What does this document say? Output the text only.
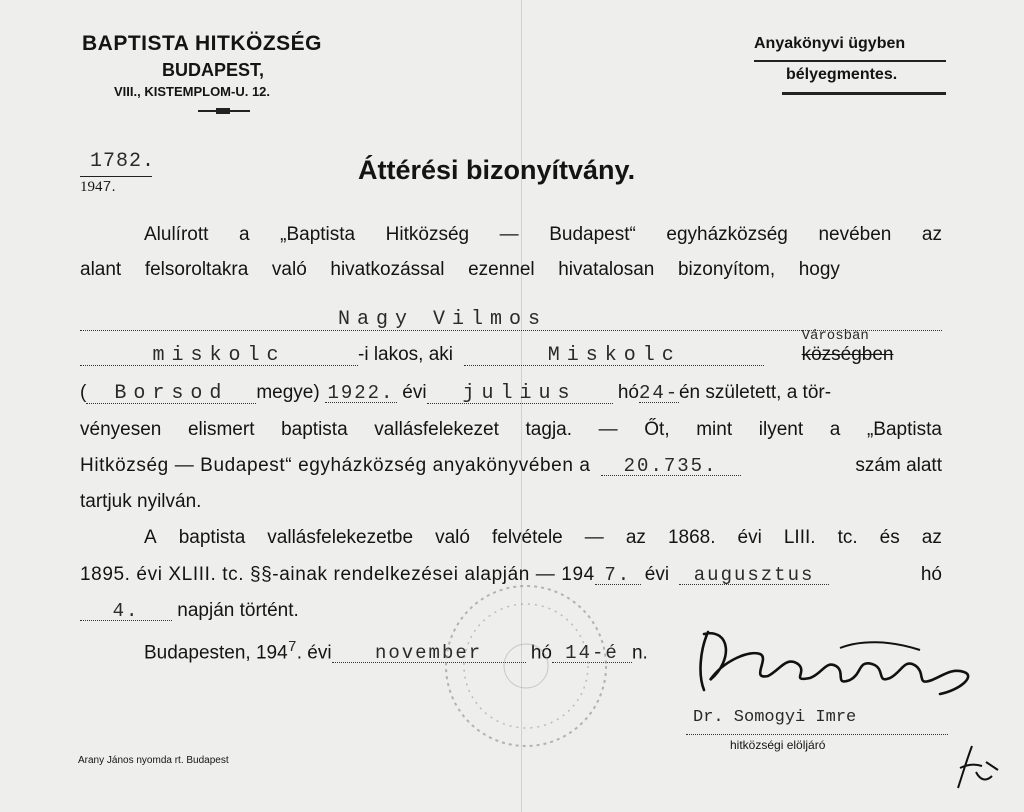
BAPTISTA HITKÖZSÉG
BUDAPEST,
VIII., KISTEMPLOM-U. 12.
Anyakönyvi ügyben
bélyegmentes.
1782.
1947.
Áttérési bizonyítvány.
Alulírott a „Baptista Hitközség — Budapest“ egyházközség nevében az
alant felsoroltakra való hivatkozással ezennel hivatalosan bizonyítom, hogy
Nagy Vilmos
miskolc	-i lakos, aki	Miskolc
Városban
községben
( Borsod megye) 1922. évi julius hó24-én született, a tör-
vényesen elismert baptista vallásfelekezet tagja. — Őt, mint ilyent a „Baptista
Hitközség — Budapest“ egyházközség anyakönyvében a	20.735.	szám alatt
tartjuk nyilván.
A baptista vallásfelekezetbe való felvétele — az 1868. évi LIII. tc. és az
1895. évi XLIII. tc. §§-ainak rendelkezései alapján — 194 7. évi	augusztus	hó
4. napján történt.
Budapesten, $194^7$. évi november	hó 14-é n.
Dr. Somogyi Imre
hitközségi elöljáró
Arany János nyomda rt. Budapest
